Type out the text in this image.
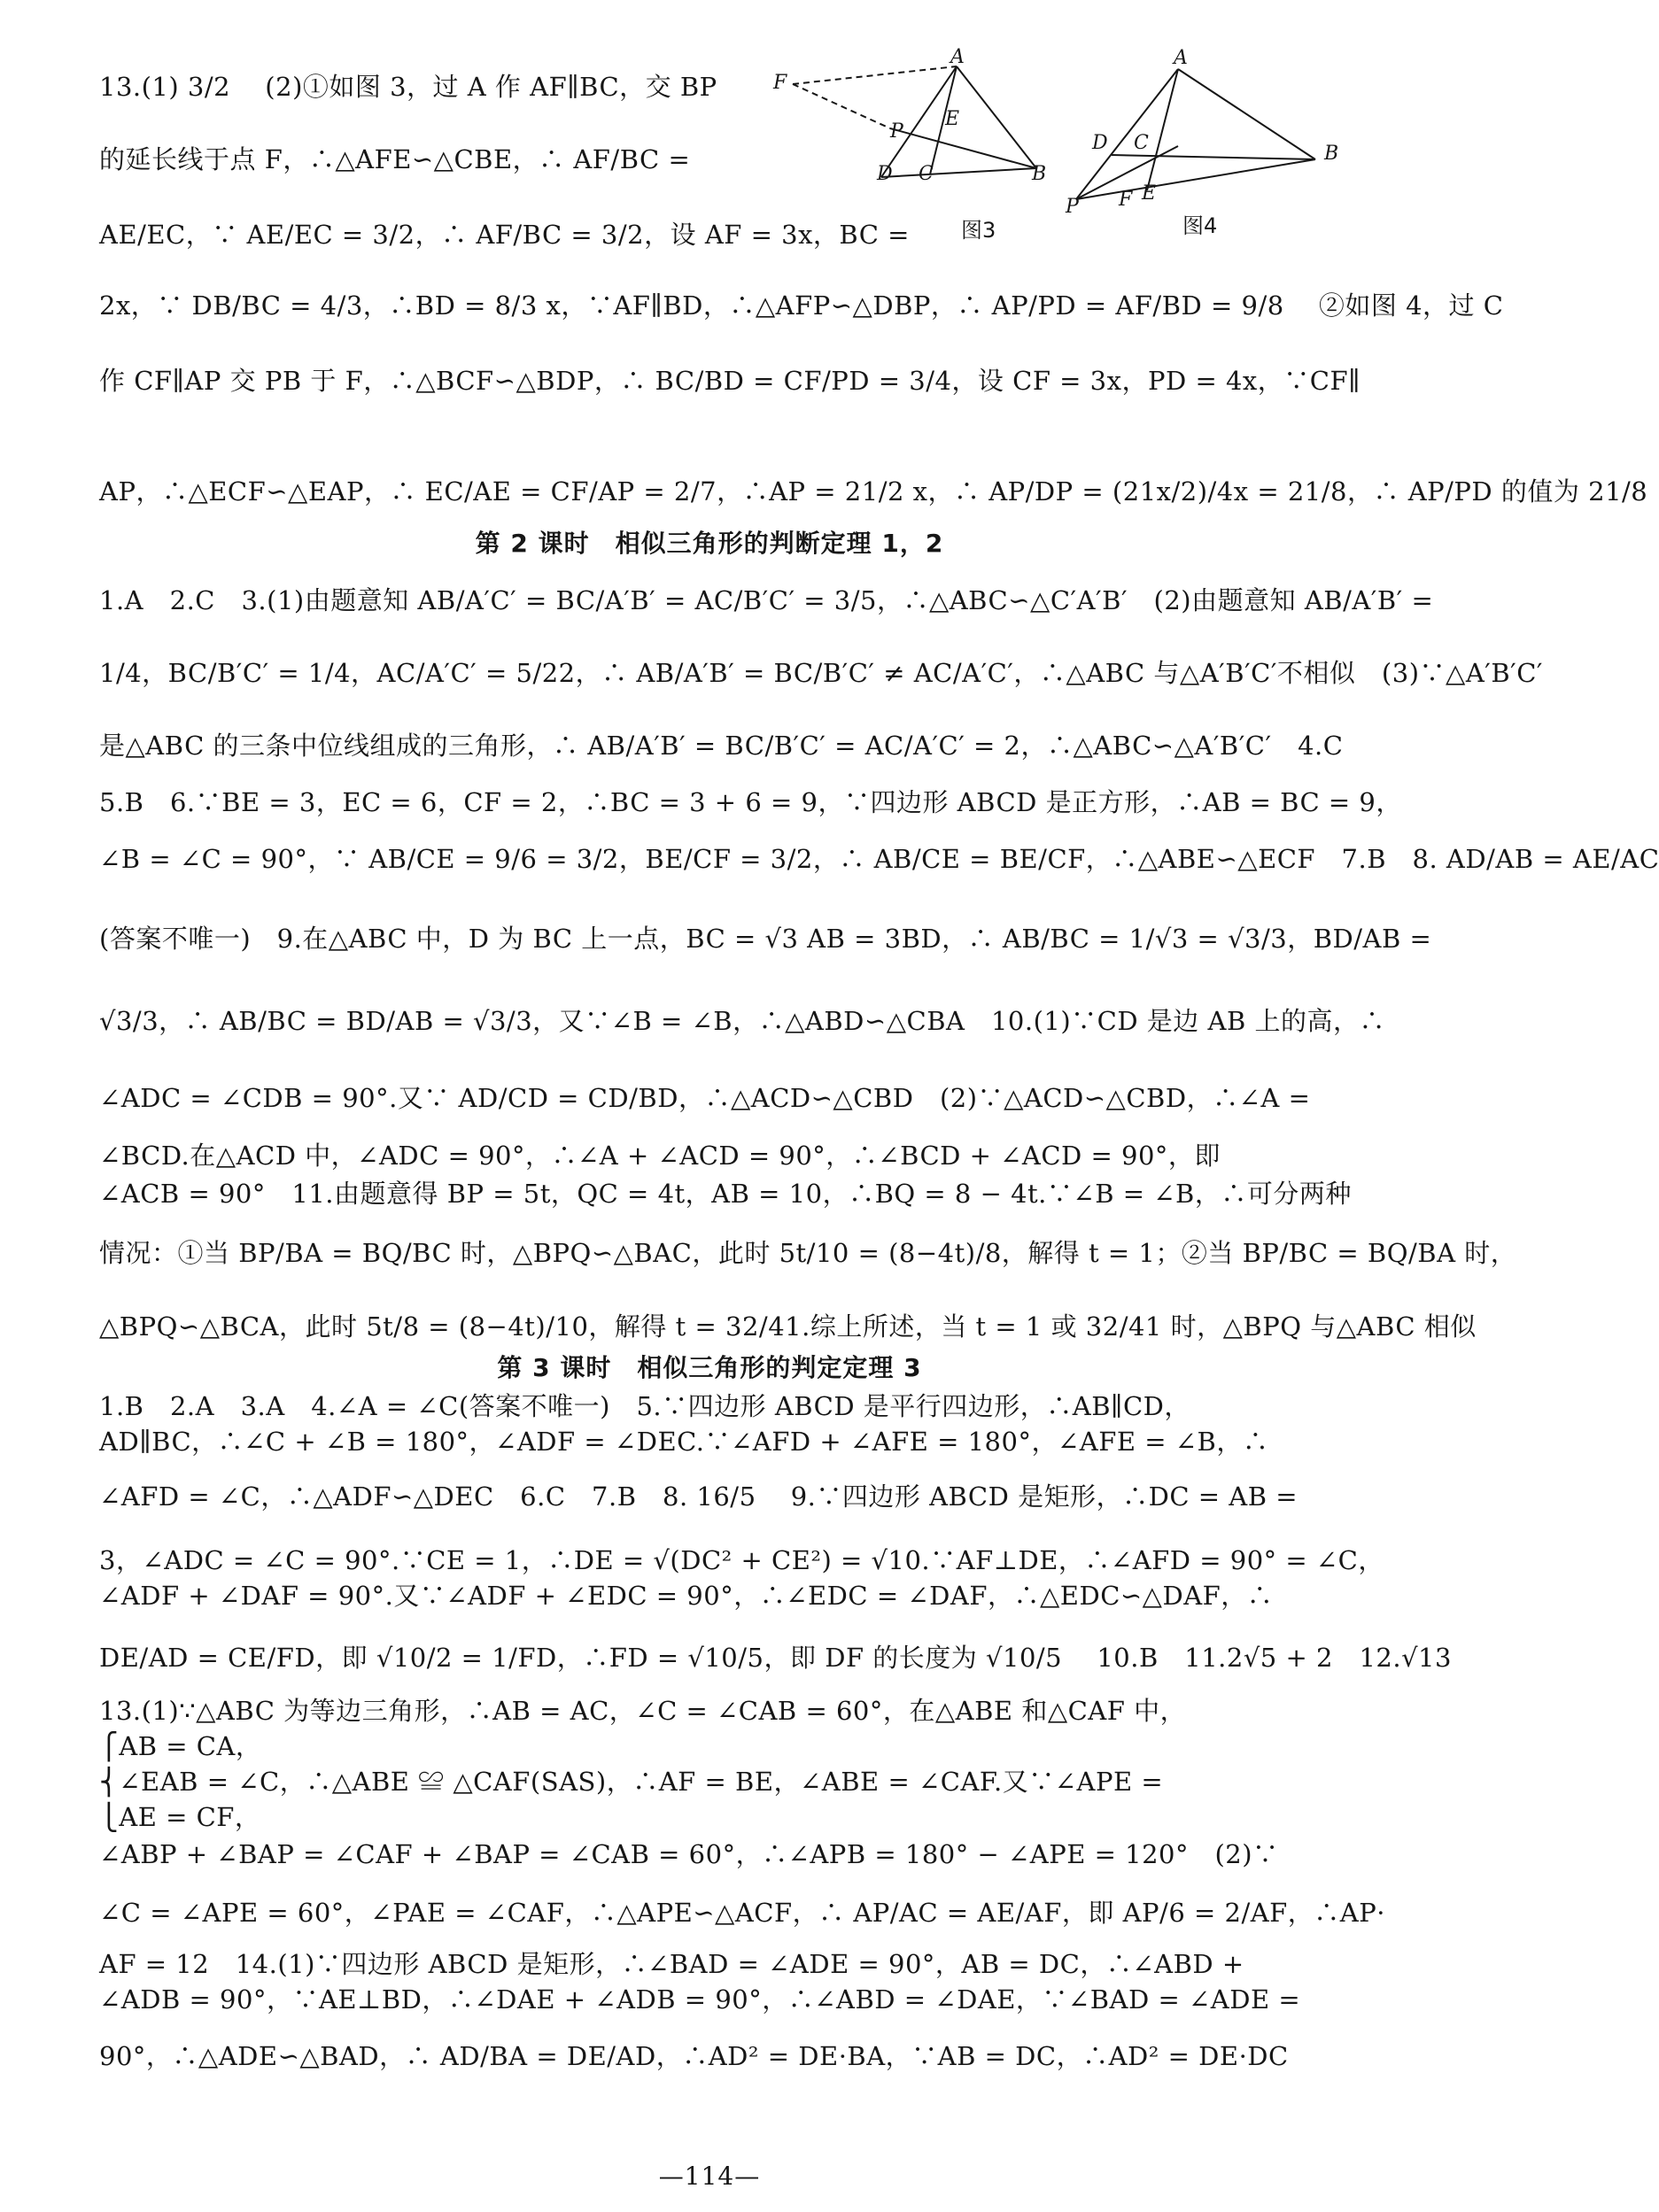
F
A
E
P
D C	B
图3
A
D C	B
P F E
图4
13.(1) 3/2 　(2)①如图 3，过 A 作 AF∥BC，交 BP
的延长线于点 F，∴△AFE∽△CBE，∴ AF/BC =
AE/EC，∵ AE/EC = 3/2，∴ AF/BC = 3/2，设 AF = 3x，BC =
2x，∵ DB/BC = 4/3，∴BD = 8/3 x，∵AF∥BD，∴△AFP∽△DBP，∴ AP/PD = AF/BD = 9/8 　②如图 4，过 C
作 CF∥AP 交 PB 于 F，∴△BCF∽△BDP，∴ BC/BD = CF/PD = 3/4，设 CF = 3x，PD = 4x，∵CF∥
AP，∴△ECF∽△EAP，∴ EC/AE = CF/AP = 2/7，∴AP = 21/2 x，∴ AP/DP = (21x/2)/4x = 21/8，∴ AP/PD 的值为 21/8
第 2 课时　相似三角形的判断定理 1，2
1.A　2.C　3.(1)由题意知 AB/A′C′ = BC/A′B′ = AC/B′C′ = 3/5，∴△ABC∽△C′A′B′　(2)由题意知 AB/A′B′ =
1/4，BC/B′C′ = 1/4，AC/A′C′ = 5/22，∴ AB/A′B′ = BC/B′C′ ≠ AC/A′C′，∴△ABC 与△A′B′C′不相似　(3)∵△A′B′C′
是△ABC 的三条中位线组成的三角形，∴ AB/A′B′ = BC/B′C′ = AC/A′C′ = 2，∴△ABC∽△A′B′C′　4.C
5.B　6.∵BE = 3，EC = 6，CF = 2，∴BC = 3 + 6 = 9，∵四边形 ABCD 是正方形，∴AB = BC = 9，
∠B = ∠C = 90°，∵ AB/CE = 9/6 = 3/2，BE/CF = 3/2，∴ AB/CE = BE/CF，∴△ABE∽△ECF　7.B　8. AD/AB = AE/AC
(答案不唯一)　9.在△ABC 中，D 为 BC 上一点，BC = √3 AB = 3BD，∴ AB/BC = 1/√3 = √3/3，BD/AB =
√3/3，∴ AB/BC = BD/AB = √3/3，又∵∠B = ∠B，∴△ABD∽△CBA　10.(1)∵CD 是边 AB 上的高，∴
∠ADC = ∠CDB = 90°.又∵ AD/CD = CD/BD，∴△ACD∽△CBD　(2)∵△ACD∽△CBD，∴∠A =
∠BCD.在△ACD 中，∠ADC = 90°，∴∠A + ∠ACD = 90°，∴∠BCD + ∠ACD = 90°，即
∠ACB = 90°　11.由题意得 BP = 5t，QC = 4t，AB = 10，∴BQ = 8 − 4t.∵∠B = ∠B，∴可分两种
情况：①当 BP/BA = BQ/BC 时，△BPQ∽△BAC，此时 5t/10 = (8−4t)/8，解得 t = 1；②当 BP/BC = BQ/BA 时，
△BPQ∽△BCA，此时 5t/8 = (8−4t)/10，解得 t = 32/41.综上所述，当 t = 1 或 32/41 时，△BPQ 与△ABC 相似
第 3 课时　相似三角形的判定定理 3
1.B　2.A　3.A　4.∠A = ∠C(答案不唯一)　5.∵四边形 ABCD 是平行四边形，∴AB∥CD，
AD∥BC，∴∠C + ∠B = 180°，∠ADF = ∠DEC.∵∠AFD + ∠AFE = 180°，∠AFE = ∠B，∴
∠AFD = ∠C，∴△ADF∽△DEC　6.C　7.B　8. 16/5 　9.∵四边形 ABCD 是矩形，∴DC = AB =
3，∠ADC = ∠C = 90°.∵CE = 1，∴DE = √(DC² + CE²) = √10.∵AF⊥DE，∴∠AFD = 90° = ∠C，
∠ADF + ∠DAF = 90°.又∵∠ADF + ∠EDC = 90°，∴∠EDC = ∠DAF，∴△EDC∽△DAF，∴
DE/AD = CE/FD，即 √10/2 = 1/FD，∴FD = √10/5，即 DF 的长度为 √10/5 　10.B　11.2√5 + 2　12.√13
13.(1)∵△ABC 为等边三角形，∴AB = AC，∠C = ∠CAB = 60°，在△ABE 和△CAF 中，
⎧AB = CA，
⎨∠EAB = ∠C，∴△ABE ≌ △CAF(SAS)，∴AF = BE，∠ABE = ∠CAF.又∵∠APE =
⎩AE = CF，
∠ABP + ∠BAP = ∠CAF + ∠BAP = ∠CAB = 60°，∴∠APB = 180° − ∠APE = 120°　(2)∵
∠C = ∠APE = 60°，∠PAE = ∠CAF，∴△APE∽△ACF，∴ AP/AC = AE/AF，即 AP/6 = 2/AF，∴AP·
AF = 12　14.(1)∵四边形 ABCD 是矩形，∴∠BAD = ∠ADE = 90°，AB = DC，∴∠ABD +
∠ADB = 90°，∵AE⊥BD，∴∠DAE + ∠ADB = 90°，∴∠ABD = ∠DAE，∵∠BAD = ∠ADE =
90°，∴△ADE∽△BAD，∴ AD/BA = DE/AD，∴AD² = DE·BA，∵AB = DC，∴AD² = DE·DC
—114—
